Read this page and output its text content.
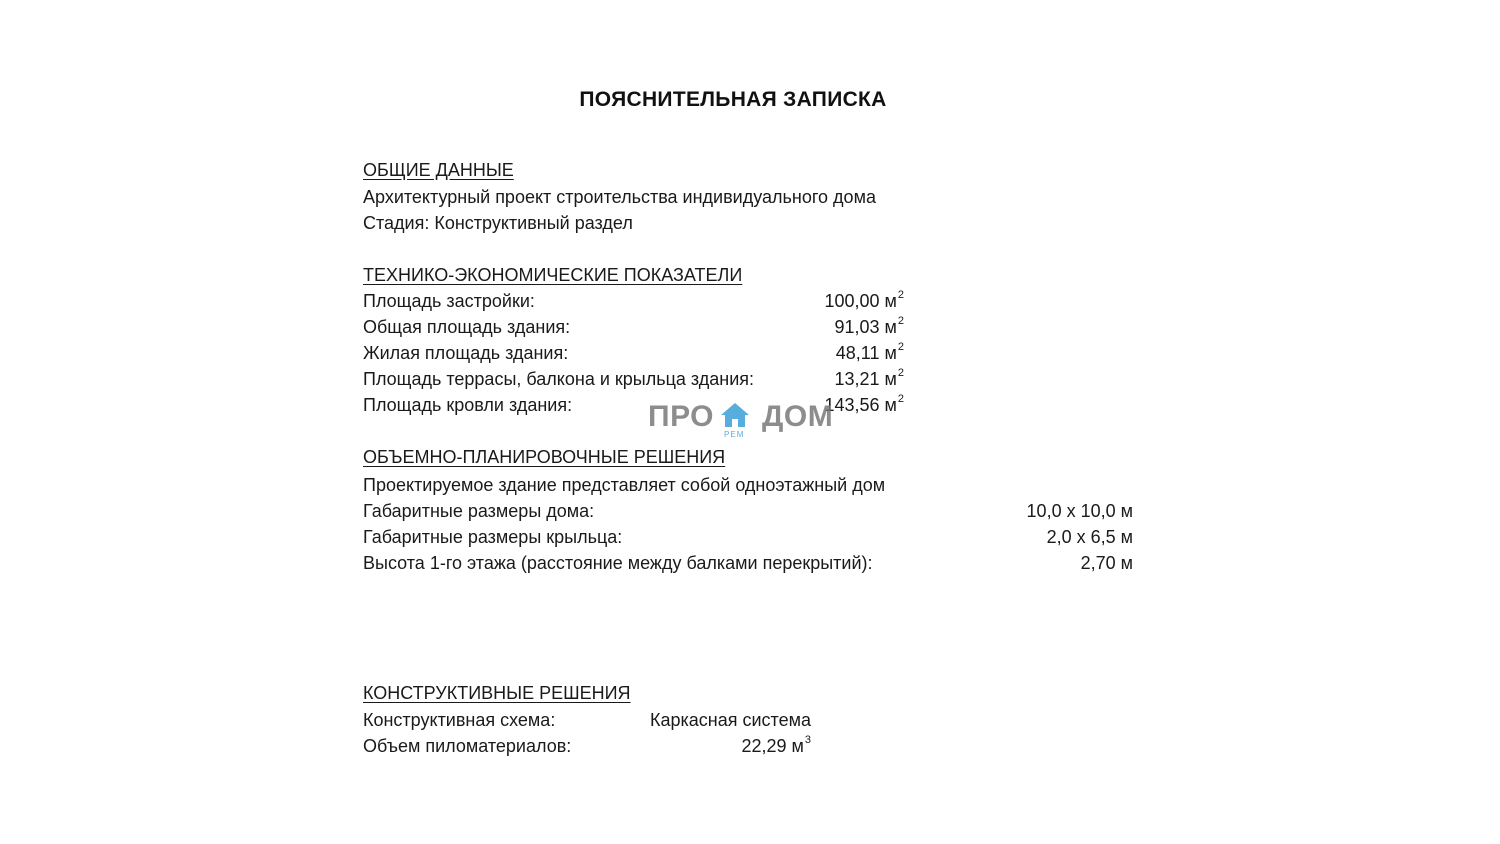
ПОЯСНИТЕЛЬНАЯ ЗАПИСКА
ОБЩИЕ ДАННЫЕ
Архитектурный проект строительства индивидуального дома
Стадия: Конструктивный раздел
ТЕХНИКО-ЭКОНОМИЧЕСКИЕ ПОКАЗАТЕЛИ
Площадь застройки:	100,00 $м^2$
Общая площадь здания:	91,03 $м^2$
Жилая площадь здания:	48,11 $м^2$
Площадь террасы, балкона и крыльца здания:	13,21 $м^2$
Площадь кровли здания:	143,56 $м^2$
ПРО
РЕМ
ДОМ
ОБЪЕМНО-ПЛАНИРОВОЧНЫЕ РЕШЕНИЯ
Проектируемое здание представляет собой одноэтажный дом
Габаритные размеры дома:	10,0 х 10,0 м
Габаритные размеры крыльца:	2,0 х 6,5 м
Высота 1-го этажа (расстояние между балками перекрытий):	2,70 м
КОНСТРУКТИВНЫЕ РЕШЕНИЯ
Конструктивная схема:	Каркасная система
Объем пиломатериалов:	22,29 $м^3$
